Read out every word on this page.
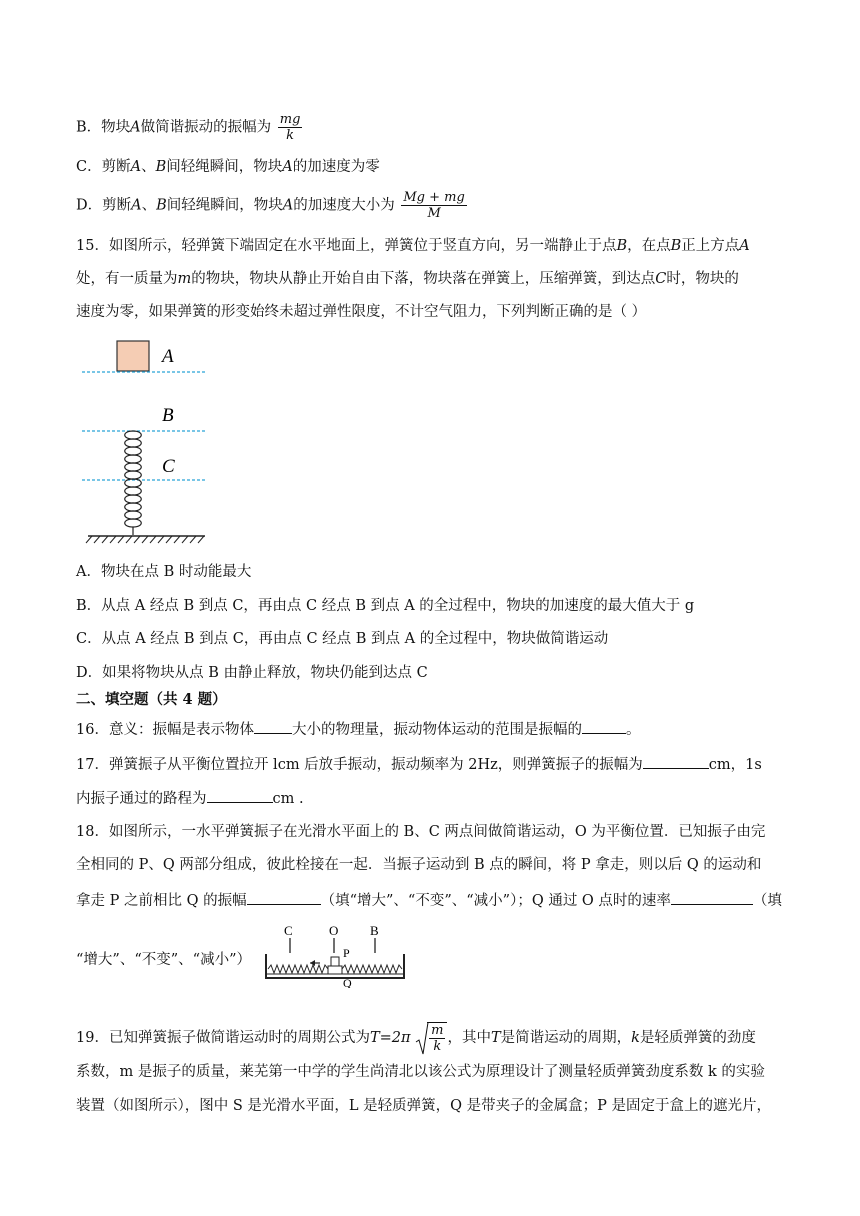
B．物块A做简谐振动的振幅为 $\frac{mg}{k}$
C．剪断A、B间轻绳瞬间，物块A的加速度为零
D．剪断A、B间轻绳瞬间，物块A的加速度大小为 $\frac{Mg + mg}{M}$
15．如图所示，轻弹簧下端固定在水平地面上，弹簧位于竖直方向，另一端静止于点B，在点B正上方点A
处，有一质量为m的物块，物块从静止开始自由下落，物块落在弹簧上，压缩弹簧，到达点C时，物块的
速度为零，如果弹簧的形变始终未超过弹性限度，不计空气阻力，下列判断正确的是（ ）
A
B
C
A．物块在点 B 时动能最大
B．从点 A 经点 B 到点 C，再由点 C 经点 B 到点 A 的全过程中，物块的加速度的最大值大于 g
C．从点 A 经点 B 到点 C，再由点 C 经点 B 到点 A 的全过程中，物块做简谐运动
D．如果将物块从点 B 由静止释放，物块仍能到达点 C
二、填空题（共 4 题）
16．意义：振幅是表示物体	大小的物理量，振动物体运动的范围是振幅的	。
17．弹簧振子从平衡位置拉开 lcm 后放手振动，振动频率为 2Hz，则弹簧振子的振幅为	cm，1s
内振子通过的路程为	cm .
18．如图所示，一水平弹簧振子在光滑水平面上的 B、C 两点间做简谐运动，O 为平衡位置．已知振子由完
全相同的 P、Q 两部分组成，彼此栓接在一起．当振子运动到 B 点的瞬间，将 P 拿走，则以后 Q 的运动和
拿走 P 之前相比 Q 的振幅	（填“增大”、“不变”、“减小”）；Q 通过 O 点时的速率	（填
“增大”、“不变”、“减小”）
C	O B
P
Q
19．已知弹簧振子做简谐运动时的周期公式为$T=2\pi \frac{m}{k}$ ，其中T是简谐运动的周期，k是轻质弹簧的劲度
系数，m 是振子的质量，莱芜第一中学的学生尚清北以该公式为原理设计了测量轻质弹簧劲度系数 k 的实验
装置（如图所示），图中 S 是光滑水平面，L 是轻质弹簧，Q 是带夹子的金属盒；P 是固定于盒上的遮光片，
